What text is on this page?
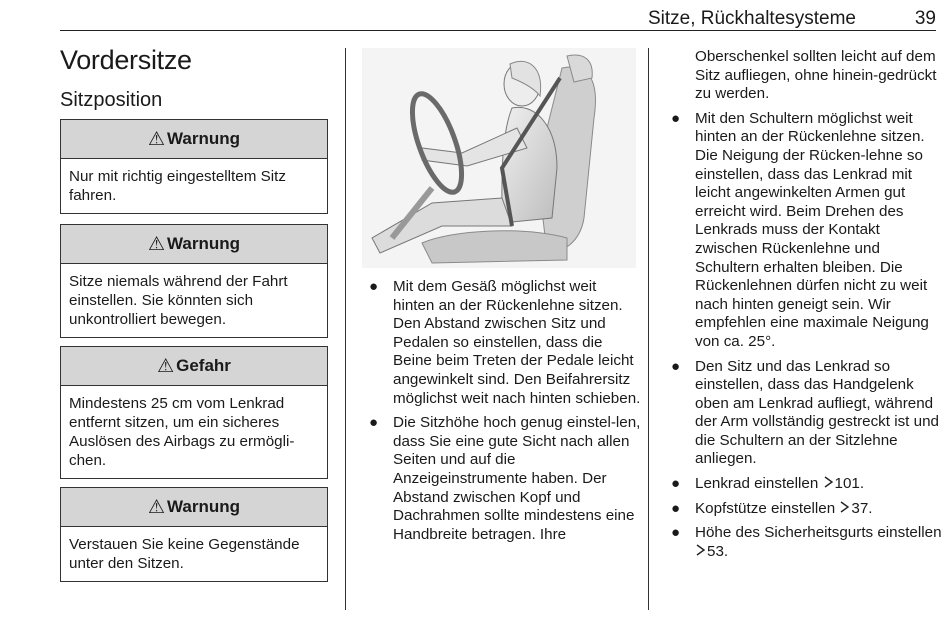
Sitze, Rückhaltesysteme	39
Vordersitze
Sitzposition
⚠ Warnung
Nur mit richtig eingestelltem Sitz fahren.
⚠ Warnung
Sitze niemals während der Fahrt einstellen. Sie könnten sich unkontrolliert bewegen.
⚠ Gefahr
Mindestens 25 cm vom Lenkrad entfernt sitzen, um ein sicheres Auslösen des Airbags zu ermögli-chen.
⚠ Warnung
Verstauen Sie keine Gegenstände unter den Sitzen.
● Mit dem Gesäß möglichst weit hinten an der Rückenlehne sitzen. Den Abstand zwischen Sitz und Pedalen so einstellen, dass die Beine beim Treten der Pedale leicht angewinkelt sind. Den Beifahrersitz möglichst weit nach hinten schieben.
● Die Sitzhöhe hoch genug einstel-len, dass Sie eine gute Sicht nach allen Seiten und auf die Anzeigeinstrumente haben. Der Abstand zwischen Kopf und Dachrahmen sollte mindestens eine Handbreite betragen. Ihre
Oberschenkel sollten leicht auf dem Sitz aufliegen, ohne hinein-gedrückt zu werden.
● Mit den Schultern möglichst weit hinten an der Rückenlehne sitzen. Die Neigung der Rücken-lehne so einstellen, dass das Lenkrad mit leicht angewinkelten Armen gut erreicht wird. Beim Drehen des Lenkrads muss der Kontakt zwischen Rückenlehne und Schultern erhalten bleiben. Die Rückenlehnen dürfen nicht zu weit nach hinten geneigt sein. Wir empfehlen eine maximale Neigung von ca. 25°.
● Den Sitz und das Lenkrad so einstellen, dass das Handgelenk oben am Lenkrad aufliegt, während der Arm vollständig gestreckt ist und die Schultern an der Sitzlehne anliegen.
● Lenkrad einstellen 101.
● Kopfstütze einstellen 37.
● Höhe des Sicherheitsgurts einstellen 53.
